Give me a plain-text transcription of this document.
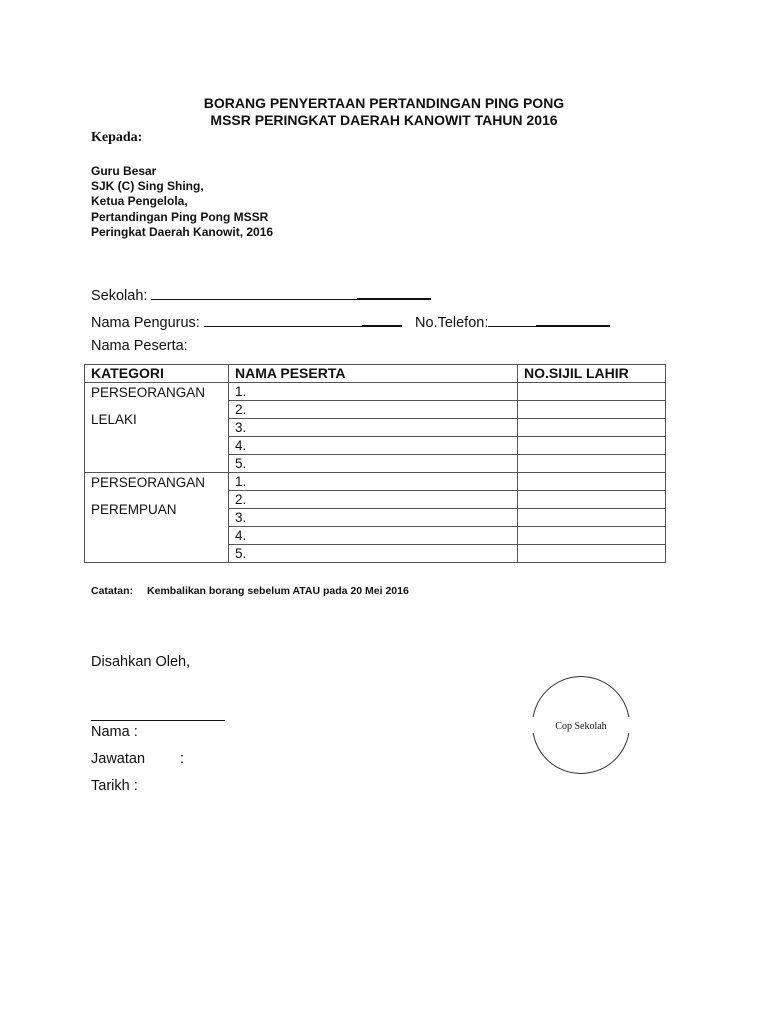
BORANG PENYERTAAN PERTANDINGAN PING PONG
MSSR PERINGKAT DAERAH KANOWIT TAHUN 2016
Kepada:
Guru Besar
SJK (C) Sing Shing,
Ketua Pengelola,
Pertandingan Ping Pong MSSR
Peringkat Daerah Kanowit, 2016
Sekolah:
Nama Pengurus:	No.Telefon:
Nama Peserta:
KATEGORI	NAMA PESERTA	NO.SIJIL LAHIR

PERSEORANGAN
LELAKI	1.	
	2.	
	3.	
	4.	
	5.	

PERSEORANGAN
PEREMPUAN	1.	
	2.	
	3.	
	4.	
	5.	
Catatan: Kembalikan borang sebelum ATAU pada 20 Mei 2016
Disahkan Oleh,
Nama :
Jawatan :
Tarikh :
Cop Sekolah
